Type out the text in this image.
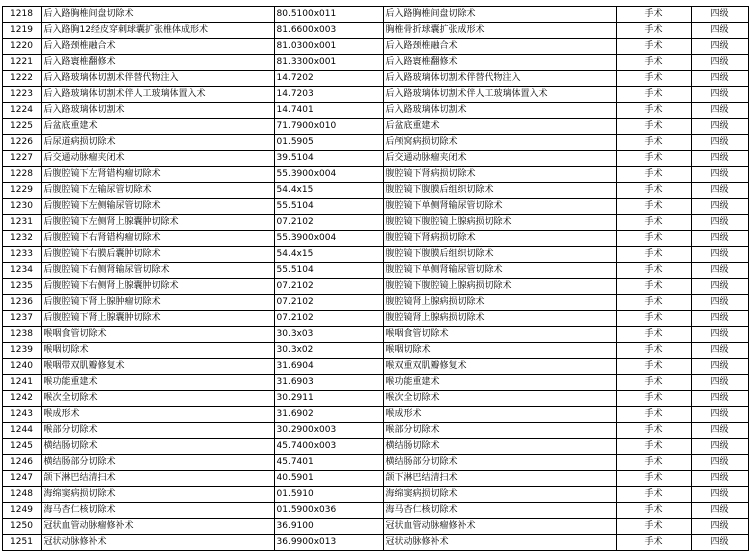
1218	后入路胸椎间盘切除术	80.5100x011	后入路胸椎间盘切除术	手术	四级
1219	后入路胸12经皮穿刺球囊扩张椎体成形术	81.6600x003	胸椎骨折球囊扩张成形术	手术	四级
1220	后入路颈椎融合术	81.0300x001	后入路颈椎融合术	手术	四级
1221	后入路寰椎翻修术	81.3300x001	后入路寰椎翻修术	手术	四级
1222	后入路玻璃体切割术伴替代物注入	14.7202	后入路玻璃体切割术伴替代物注入	手术	四级
1223	后入路玻璃体切割术伴人工玻璃体置入术	14.7203	后入路玻璃体切割术伴人工玻璃体置入术	手术	四级
1224	后入路玻璃体切割术	14.7401	后入路玻璃体切割术	手术	四级
1225	后盆底重建术	71.7900x010	后盆底重建术	手术	四级
1226	后尿道病损切除术	01.5905	后颅窝病损切除术	手术	四级
1227	后交通动脉瘤夹闭术	39.5104	后交通动脉瘤夹闭术	手术	四级
1228	后腹腔镜下左肾错构瘤切除术	55.3900x004	腹腔镜下肾病损切除术	手术	四级
1229	后腹腔镜下左输尿管切除术	54.4x15	腹腔镜下腹膜后组织切除术	手术	四级
1230	后腹腔镜下左侧输尿管切除术	55.5104	腹腔镜下单侧肾输尿管切除术	手术	四级
1231	后腹腔镜下左侧肾上腺囊肿切除术	07.2102	腹腔镜下腹腔镜上腺病损切除术	手术	四级
1232	后腹腔镜下右肾错构瘤切除术	55.3900x004	腹腔镜下肾病损切除术	手术	四级
1233	后腹腔镜下右膜后囊肿切除术	54.4x15	腹腔镜下腹膜后组织切除术	手术	四级
1234	后腹腔镜下右侧肾输尿管切除术	55.5104	腹腔镜下单侧肾输尿管切除术	手术	四级
1235	后腹腔镜下右侧肾上腺囊肿切除术	07.2102	腹腔镜下腹腔镜上腺病损切除术	手术	四级
1236	后腹腔镜下肾上腺肿瘤切除术	07.2102	腹腔镜肾上腺病损切除术	手术	四级
1237	后腹腔镜下肾上腺囊肿切除术	07.2102	腹腔镜肾上腺病损切除术	手术	四级
1238	喉咽食管切除术	30.3x03	喉咽食管切除术	手术	四级
1239	喉咽切除术	30.3x02	喉咽切除术	手术	四级
1240	喉咽带双肌瓣修复术	31.6904	喉双重双肌瓣修复术	手术	四级
1241	喉功能重建术	31.6903	喉功能重建术	手术	四级
1242	喉次全切除术	30.2911	喉次全切除术	手术	四级
1243	喉成形术	31.6902	喉成形术	手术	四级
1244	喉部分切除术	30.2900x003	喉部分切除术	手术	四级
1245	横结肠切除术	45.7400x003	横结肠切除术	手术	四级
1246	横结肠部分切除术	45.7401	横结肠部分切除术	手术	四级
1247	颌下淋巴结清扫术	40.5901	颌下淋巴结清扫术	手术	四级
1248	海绵窦病损切除术	01.5910	海绵窦病损切除术	手术	四级
1249	海马杏仁核切除术	01.5900x036	海马杏仁核切除术	手术	四级
1250	冠状血管动脉瘤修补术	36.9100	冠状血管动脉瘤修补术	手术	四级
1251	冠状动脉修补术	36.9900x013	冠状动脉修补术	手术	四级
